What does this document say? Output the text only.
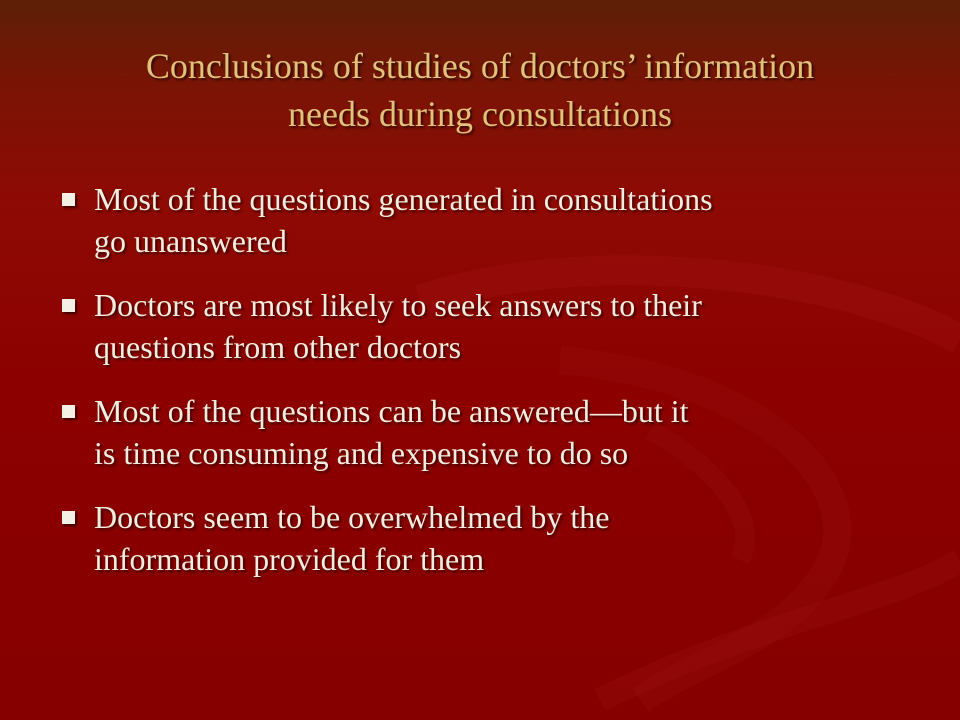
Conclusions of studies of doctors’ information
needs during consultations
Most of the questions generated in consultations
go unanswered
Doctors are most likely to seek answers to their
questions from other doctors
Most of the questions can be answered—but it
is time consuming and expensive to do so
Doctors seem to be overwhelmed by the
information provided for them
